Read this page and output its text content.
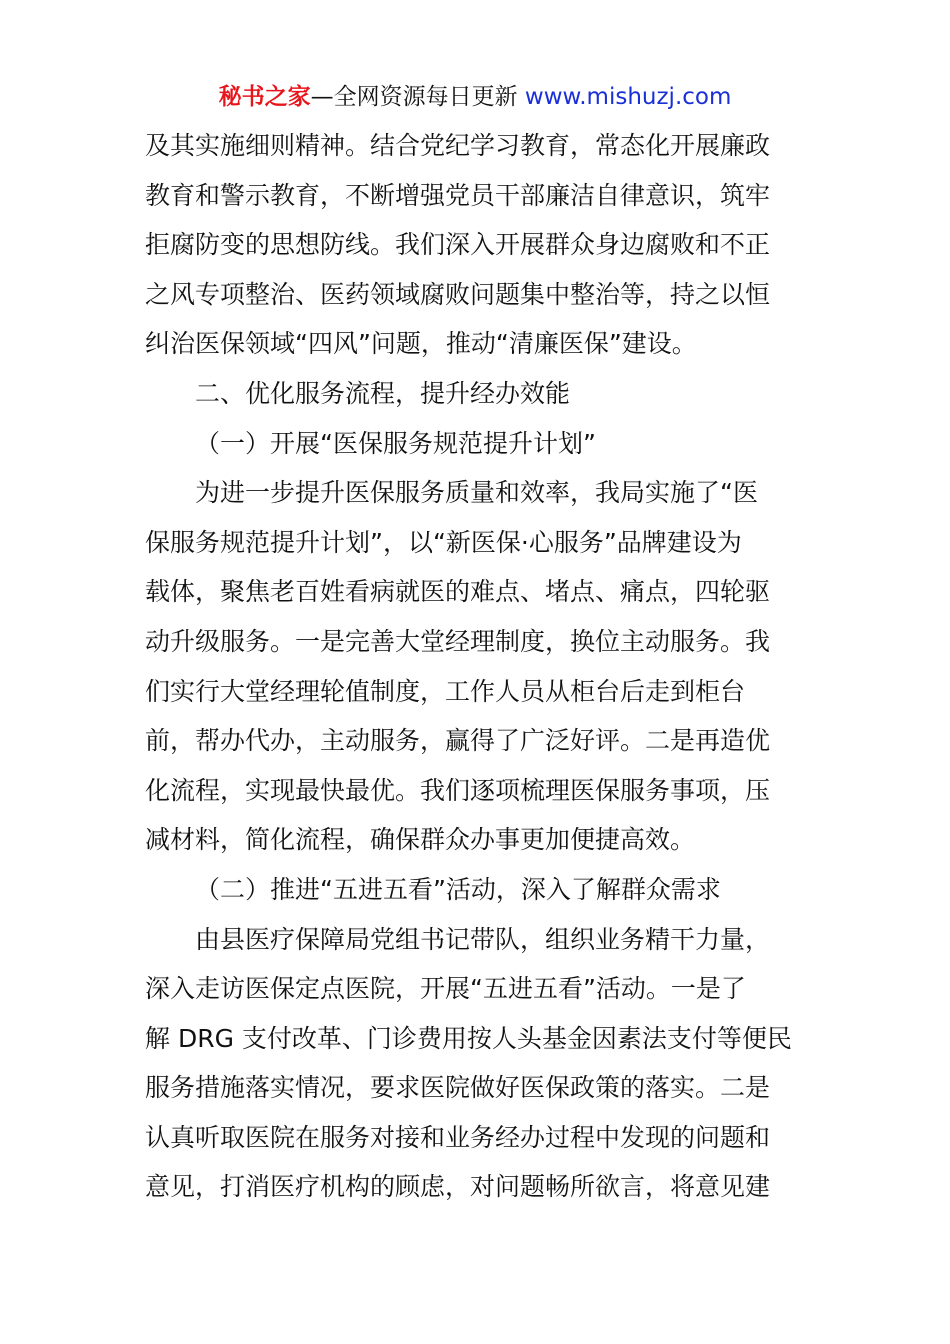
秘书之家—全网资源每日更新 www.mishuzj.com
及其实施细则精神。结合党纪学习教育，常态化开展廉政
教育和警示教育，不断增强党员干部廉洁自律意识，筑牢
拒腐防变的思想防线。我们深入开展群众身边腐败和不正
之风专项整治、医药领域腐败问题集中整治等，持之以恒
纠治医保领域“四风”问题，推动“清廉医保”建设。
二、优化服务流程，提升经办效能
（一）开展“医保服务规范提升计划”
为进一步提升医保服务质量和效率，我局实施了“医
保服务规范提升计划”，以“新医保·心服务”品牌建设为
载体，聚焦老百姓看病就医的难点、堵点、痛点，四轮驱
动升级服务。一是完善大堂经理制度，换位主动服务。我
们实行大堂经理轮值制度，工作人员从柜台后走到柜台
前，帮办代办，主动服务，赢得了广泛好评。二是再造优
化流程，实现最快最优。我们逐项梳理医保服务事项，压
减材料，简化流程，确保群众办事更加便捷高效。
（二）推进“五进五看”活动，深入了解群众需求
由县医疗保障局党组书记带队，组织业务精干力量，
深入走访医保定点医院，开展“五进五看”活动。一是了
解 DRG 支付改革、门诊费用按人头基金因素法支付等便民
服务措施落实情况，要求医院做好医保政策的落实。二是
认真听取医院在服务对接和业务经办过程中发现的问题和
意见，打消医疗机构的顾虑，对问题畅所欲言，将意见建
